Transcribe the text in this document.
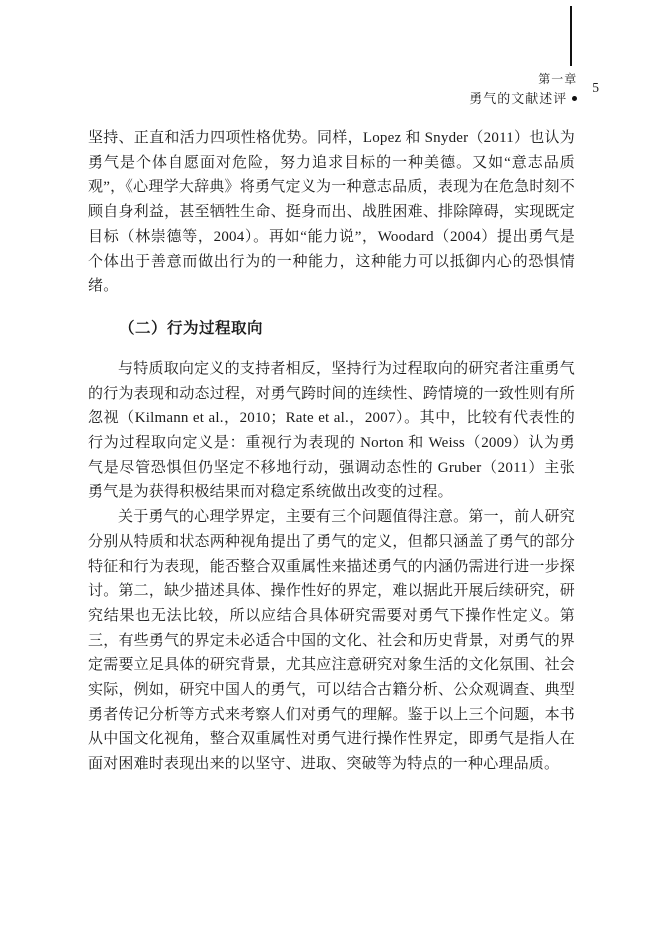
第一章
勇气的文献述评
5

坚持、正直和活力四项性格优势。同样，Lopez 和 Snyder（2011）也认为勇气是个体自愿面对危险，努力追求目标的一种美德。又如“意志品质观”，《心理学大辞典》将勇气定义为一种意志品质，表现为在危急时刻不顾自身利益，甚至牺牲生命、挺身而出、战胜困难、排除障碍，实现既定目标（林崇德等，2004）。再如“能力说”，Woodard（2004）提出勇气是个体出于善意而做出行为的一种能力，这种能力可以抵御内心的恐惧情绪。

（二）行为过程取向

与特质取向定义的支持者相反，坚持行为过程取向的研究者注重勇气的行为表现和动态过程，对勇气跨时间的连续性、跨情境的一致性则有所忽视（Kilmann et al.，2010；Rate et al.，2007）。其中，比较有代表性的行为过程取向定义是：重视行为表现的 Norton 和 Weiss（2009）认为勇气是尽管恐惧但仍坚定不移地行动，强调动态性的 Gruber（2011）主张勇气是为获得积极结果而对稳定系统做出改变的过程。

关于勇气的心理学界定，主要有三个问题值得注意。第一，前人研究分别从特质和状态两种视角提出了勇气的定义，但都只涵盖了勇气的部分特征和行为表现，能否整合双重属性来描述勇气的内涵仍需进行进一步探讨。第二，缺少描述具体、操作性好的界定，难以据此开展后续研究，研究结果也无法比较，所以应结合具体研究需要对勇气下操作性定义。第三，有些勇气的界定未必适合中国的文化、社会和历史背景，对勇气的界定需要立足具体的研究背景，尤其应注意研究对象生活的文化氛围、社会实际，例如，研究中国人的勇气，可以结合古籍分析、公众观调查、典型勇者传记分析等方式来考察人们对勇气的理解。鉴于以上三个问题，本书从中国文化视角，整合双重属性对勇气进行操作性界定，即勇气是指人在面对困难时表现出来的以坚守、进取、突破等为特点的一种心理品质。
